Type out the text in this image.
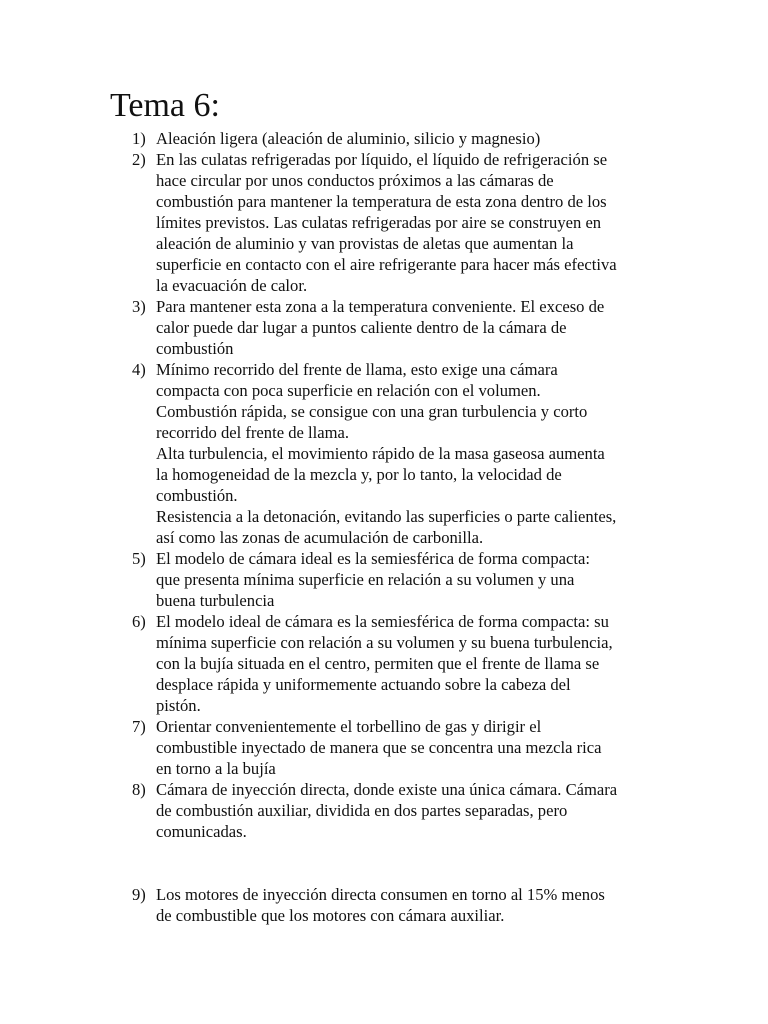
Tema 6:
1) Aleación ligera (aleación de aluminio, silicio y magnesio)
2) En las culatas refrigeradas por líquido, el líquido de refrigeración se
hace circular por unos conductos próximos a las cámaras de
combustión para mantener la temperatura de esta zona dentro de los
límites previstos. Las culatas refrigeradas por aire se construyen en
aleación de aluminio y van provistas de aletas que aumentan la
superficie en contacto con el aire refrigerante para hacer más efectiva
la evacuación de calor.
3) Para mantener esta zona a la temperatura conveniente. El exceso de
calor puede dar lugar a puntos caliente dentro de la cámara de
combustión
4) Mínimo recorrido del frente de llama, esto exige una cámara
compacta con poca superficie en relación con el volumen.
Combustión rápida, se consigue con una gran turbulencia y corto
recorrido del frente de llama.
Alta turbulencia, el movimiento rápido de la masa gaseosa aumenta
la homogeneidad de la mezcla y, por lo tanto, la velocidad de
combustión.
Resistencia a la detonación, evitando las superficies o parte calientes,
así como las zonas de acumulación de carbonilla.
5) El modelo de cámara ideal es la semiesférica de forma compacta:
que presenta mínima superficie en relación a su volumen y una
buena turbulencia
6) El modelo ideal de cámara es la semiesférica de forma compacta: su
mínima superficie con relación a su volumen y su buena turbulencia,
con la bujía situada en el centro, permiten que el frente de llama se
desplace rápida y uniformemente actuando sobre la cabeza del
pistón.
7) Orientar convenientemente el torbellino de gas y dirigir el
combustible inyectado de manera que se concentra una mezcla rica
en torno a la bujía
8) Cámara de inyección directa, donde existe una única cámara. Cámara
de combustión auxiliar, dividida en dos partes separadas, pero
comunicadas.
9) Los motores de inyección directa consumen en torno al 15% menos
de combustible que los motores con cámara auxiliar.
